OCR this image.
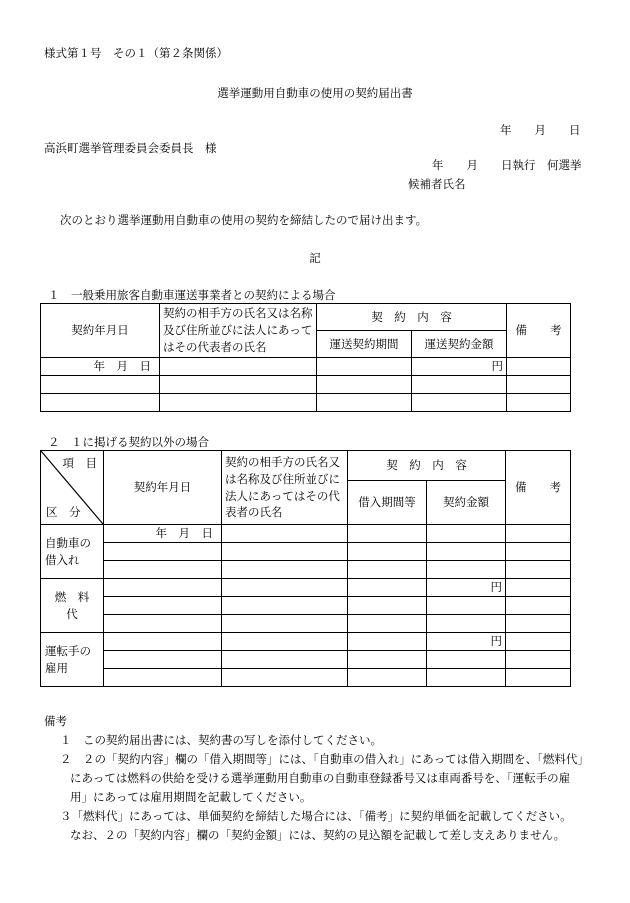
様式第１号　その１（第２条関係）
選挙運動用自動車の使用の契約届出書
年　　月　　日
高浜町選挙管理委員会委員長　様
年　　月　　日執行　何選挙
候補者氏名
次のとおり選挙運動用自動車の使用の契約を締結したので届け出ます。
記
１　一般乗用旅客自動車運送事業者との契約による場合
契約年月日	契約の相手方の氏名又は名称及び住所並びに法人にあってはその代表者の氏名	契　約　内　容		備　　考
		運送契約期間	運送契約金額	
年　月　日			円	

２　１に掲げる契約以外の場合
項　目
区　分	契約年月日	契約の相手方の氏名又は名称及び住所並びに法人にあってはその代表者の氏名	契　約　内　容		備　　考
			借入期間等	契約金額	
自動車の借入れ	年　月　日				

燃　料　代				円	

運転手の雇用				円	

備考
１　この契約届出書には、契約書の写しを添付してください。
２　２の「契約内容」欄の「借入期間等」には、「自動車の借入れ」にあっては借入期間を、「燃料代」
にあっては燃料の供給を受ける選挙運動用自動車の自動車登録番号又は車両番号を、「運転手の雇
用」にあっては雇用期間を記載してください。
３「燃料代」にあっては、単価契約を締結した場合には、「備考」に契約単価を記載してください。
なお、２の「契約内容」欄の「契約金額」には、契約の見込額を記載して差し支えありません。
